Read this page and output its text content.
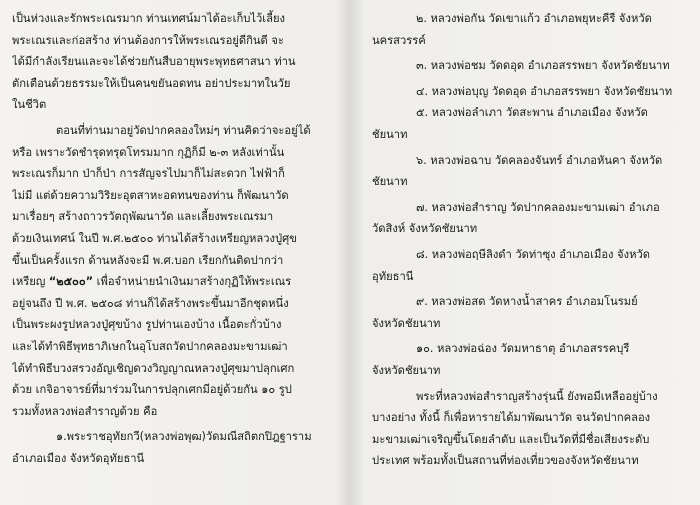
เป็นห่วงและรักพระเณรมาก ท่านเทศน์มาได้อะเก็บไว้เลี้ยง
พระเณรและก่อสร้าง ท่านต้องการให้พระเณรอยู่ดีกินดี จะ
ได้มีกำลังเรียนและจะได้ช่วยกันสืบอายุพระพุทธศาสนา ท่าน
ตักเตือนด้วยธรรมะให้เป็นคนขยันอดทน อย่าประมาทในวัย
ในชีวิต
ตอนที่ท่านมาอยู่วัดปากคลองใหม่ๆ ท่านคิดว่าจะอยู่ได้
หรือ เพราะวัดชำรุดทรุดโทรมมาก กุฏิก็มี ๒-๓ หลังเท่านั้น
พระเณรก็มาก ป่าก็ป่า การสัญจรไปมาก็ไม่สะดวก ไฟฟ้าก็
ไม่มี แต่ด้วยความวิริยะอุตสาหะอดทนของท่าน ก็พัฒนาวัด
มาเรื่อยๆ สร้างถาวรวัตถุพัฒนาวัด และเลี้ยงพระเณรมา
ด้วยเงินเทศน์ ในปี พ.ศ.๒๕๐๐ ท่านได้สร้างเหรียญหลวงปู่ศุข
ขึ้นเป็นครั้งแรก ด้านหลังจะมี พ.ศ.บอก เรียกกันติดปากว่า
เหรียญ “๒๕๐๐” เพื่อจำหน่ายนำเงินมาสร้างกุฏิให้พระเณร
อยู่จนถึง ปี พ.ศ. ๒๕๐๘ ท่านก็ได้สร้างพระขึ้นมาอีกชุดหนึ่ง
เป็นพระผงรูปหลวงปู่ศุขบ้าง รูปท่านเองบ้าง เนื้อตะกั่วบ้าง
และได้ทำพิธีพุทธาภิเษกในอุโบสถวัดปากคลองมะขามเฒ่า
ได้ทำพิธีบวงสรวงอัญเชิญดวงวิญญาณหลวงปู่ศุขมาปลุกเศก
ด้วย เกจิอาจารย์ที่มาร่วมในการปลุกเศกมีอยู่ด้วยกัน ๑๐ รูป
รวมทั้งหลวงพ่อสำราญด้วย คือ
๑.พระราชอุทัยกวี(หลวงพ่อพุฒ)วัดมณีสถิตกปิฎฐาราม
อำเภอเมือง จังหวัดอุทัยธานี
๒. หลวงพ่อกัน วัดเขาแก้ว อำเภอพยุหะคีรี จังหวัด
นครสวรรค์
๓. หลวงพ่อชม วัดดอุด อำเภอสรรพยา จังหวัดชัยนาท
๔. หลวงพ่อบุญ วัดดอุด อำเภอสรรพยา จังหวัดชัยนาท
๕. หลวงพ่อลำเภา วัดสะพาน อำเภอเมือง จังหวัด
ชัยนาท
๖. หลวงพ่อฉาบ วัดคลองจันทร์ อำเภอหันคา จังหวัด
ชัยนาท
๗. หลวงพ่อสำราญ วัดปากคลองมะขามเฒ่า อำเภอ
วัดสิงห์ จังหวัดชัยนาท
๘. หลวงพ่อฤษีลิงดำ วัดท่าซุง อำเภอเมือง จังหวัด
อุทัยธานี
๙. หลวงพ่อสด วัดหางน้ำสาคร อำเภอมโนรมย์
จังหวัดชัยนาท
๑๐. หลวงพ่อฉ่อง วัดมหาธาตุ อำเภอสรรคบุรี
จังหวัดชัยนาท
พระที่หลวงพ่อสำราญสร้างรุ่นนี้ ยังพอมีเหลืออยู่บ้าง
บางอย่าง ทั้งนี้ ก็เพื่อหารายได้มาพัฒนาวัด จนวัดปากคลอง
มะขามเฒ่าเจริญขึ้นโดยลำดับ และเป็นวัดที่มีชื่อเสียงระดับ
ประเทศ พร้อมทั้งเป็นสถานที่ท่องเที่ยวของจังหวัดชัยนาท
